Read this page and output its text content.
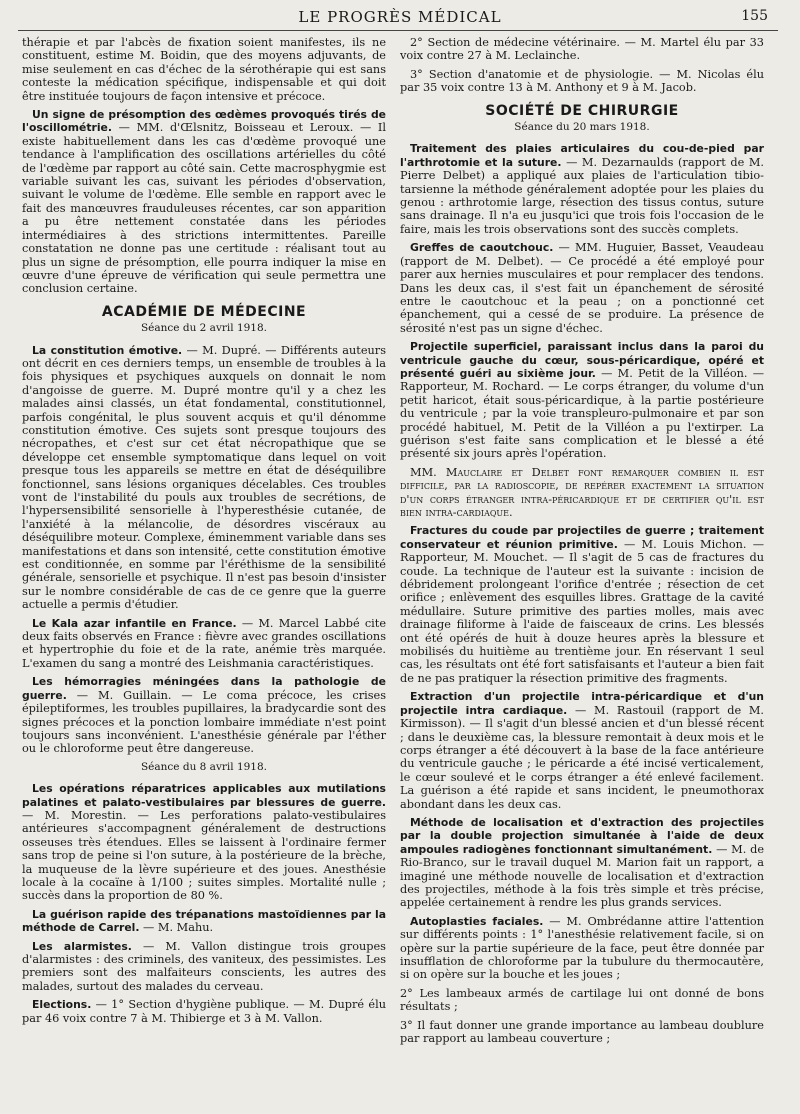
LE PROGRÈS MÉDICAL	155

thérapie et par l'abcès de fixation soient manifestes, ils ne constituent, estime M. Boidin, que des moyens adjuvants, de mise seulement en cas d'échec de la sérothérapie qui est sans conteste la médication spécifique, indispensable et qui doit être instituée toujours de façon intensive et précoce.

Un signe de présomption des œdèmes provoqués tirés de l'oscillométrie. — MM. d'Œlsnitz, Boisseau et Leroux. — Il existe habituellement dans les cas d'œdème provoqué une tendance à l'amplification des oscillations artérielles du côté de l'œdème par rapport au côté sain. Cette macrosphygmie est variable suivant les cas, suivant les périodes d'observation, suivant le volume de l'œdème. Elle semble en rapport avec le fait des manœuvres frauduleuses récentes, car son apparition a pu être nettement constatée dans les périodes intermédiaires à des strictions intermittentes. Pareille constatation ne donne pas une certitude : réalisant tout au plus un signe de présomption, elle pourra indiquer la mise en œuvre d'une épreuve de vérification qui seule permettra une conclusion certaine.

ACADÉMIE DE MÉDECINE
Séance du 2 avril 1918.

La constitution émotive. — M. Dupré. — Différents auteurs ont décrit en ces derniers temps, un ensemble de troubles à la fois physiques et psychiques auxquels on donnait le nom d'angoisse de guerre. M. Dupré montre qu'il y a chez les malades ainsi classés, un état fondamental, constitutionnel, parfois congénital, le plus souvent acquis et qu'il dénomme constitution émotive. Ces sujets sont presque toujours des nécropathes, et c'est sur cet état nécropathique que se développe cet ensemble symptomatique dans lequel on voit presque tous les appareils se mettre en état de déséquilibre fonctionnel, sans lésions organiques décelables. Ces troubles vont de l'instabilité du pouls aux troubles de secrétions, de l'hypersensibilité sensorielle à l'hyperesthésie cutanée, de l'anxiété à la mélancolie, de désordres viscéraux au déséquilibre moteur. Complexe, éminemment variable dans ses manifestations et dans son intensité, cette constitution émotive est conditionnée, en somme par l'éréthisme de la sensibilité générale, sensorielle et psychique. Il n'est pas besoin d'insister sur le nombre considérable de cas de ce genre que la guerre actuelle a permis d'étudier.

Le Kala azar infantile en France. — M. Marcel Labbé cite deux faits observés en France : fièvre avec grandes oscillations et hypertrophie du foie et de la rate, anémie très marquée. L'examen du sang a montré des Leishmania caractéristiques.

Les hémorragies méningées dans la pathologie de guerre. — M. Guillain. — Le coma précoce, les crises épileptiformes, les troubles pupillaires, la bradycardie sont des signes précoces et la ponction lombaire immédiate n'est point toujours sans inconvénient. L'anesthésie générale par l'éther ou le chloroforme peut être dangereuse.

Séance du 8 avril 1918.

Les opérations réparatrices applicables aux mutilations palatines et palato-vestibulaires par blessures de guerre. — M. Morestin. — Les perforations palato-vestibulaires antérieures s'accompagnent généralement de destructions osseuses très étendues. Elles se laissent à l'ordinaire fermer sans trop de peine si l'on suture, à la postérieure de la brèche, la muqueuse de la lèvre supérieure et des joues. Anesthésie locale à la cocaïne à 1/100 ; suites simples. Mortalité nulle ; succès dans la proportion de 80 %.

La guérison rapide des trépanations mastoïdiennes par la méthode de Carrel. — M. Mahu.

Les alarmistes. — M. Vallon distingue trois groupes d'alarmistes : des criminels, des vaniteux, des pessimistes. Les premiers sont des malfaiteurs conscients, les autres des malades, surtout des malades du cerveau.

Elections. — 1° Section d'hygiène publique. — M. Dupré élu par 46 voix contre 7 à M. Thibierge et 3 à M. Vallon.

2° Section de médecine vétérinaire. — M. Martel élu par 33 voix contre 27 à M. Leclainche.

3° Section d'anatomie et de physiologie. — M. Nicolas élu par 35 voix contre 13 à M. Anthony et 9 à M. Jacob.

SOCIÉTÉ DE CHIRURGIE
Séance du 20 mars 1918.

Traitement des plaies articulaires du cou-de-pied par l'arthrotomie et la suture. — M. Dezarnaulds (rapport de M. Pierre Delbet) a appliqué aux plaies de l'articulation tibio-tarsienne la méthode généralement adoptée pour les plaies du genou : arthrotomie large, résection des tissus contus, suture sans drainage. Il n'a eu jusqu'ici que trois fois l'occasion de le faire, mais les trois observations sont des succès complets.

Greffes de caoutchouc. — MM. Huguier, Basset, Veaudeau (rapport de M. Delbet). — Ce procédé a été employé pour parer aux hernies musculaires et pour remplacer des tendons. Dans les deux cas, il s'est fait un épanchement de sérosité entre le caoutchouc et la peau ; on a ponctionné cet épanchement, qui a cessé de se produire. La présence de sérosité n'est pas un signe d'échec.

Projectile superficiel, paraissant inclus dans la paroi du ventricule gauche du cœur, sous-péricardique, opéré et présenté guéri au sixième jour. — M. Petit de la Villéon. — Rapporteur, M. Rochard. — Le corps étranger, du volume d'un petit haricot, était sous-péricardique, à la partie postérieure du ventricule ; par la voie transpleuro-pulmonaire et par son procédé habituel, M. Petit de la Villéon a pu l'extirper. La guérison s'est faite sans complication et le blessé a été présenté six jours après l'opération.

MM. Mauclaire et Delbet font remarquer combien il est difficile, par la radioscopie, de repérer exactement la situation d'un corps étranger intra-péricardique et de certifier qu'il est bien intra-cardiaque.

Fractures du coude par projectiles de guerre ; traitement conservateur et réunion primitive. — M. Louis Michon. — Rapporteur, M. Mouchet. — Il s'agit de 5 cas de fractures du coude. La technique de l'auteur est la suivante : incision de débridement prolongeant l'orifice d'entrée ; résection de cet orifice ; enlèvement des esquilles libres. Grattage de la cavité médullaire. Suture primitive des parties molles, mais avec drainage filiforme à l'aide de faisceaux de crins. Les blessés ont été opérés de huit à douze heures après la blessure et mobilisés du huitième au trentième jour. En réservant 1 seul cas, les résultats ont été fort satisfaisants et l'auteur a bien fait de ne pas pratiquer la résection primitive des fragments.

Extraction d'un projectile intra-péricardique et d'un projectile intra cardiaque. — M. Rastouil (rapport de M. Kirmisson). — Il s'agit d'un blessé ancien et d'un blessé récent ; dans le deuxième cas, la blessure remontait à deux mois et le corps étranger a été découvert à la base de la face antérieure du ventricule gauche ; le péricarde a été incisé verticalement, le cœur soulevé et le corps étranger a été enlevé facilement. La guérison a été rapide et sans incident, le pneumothorax abondant dans les deux cas.

Méthode de localisation et d'extraction des projectiles par la double projection simultanée à l'aide de deux ampoules radiogènes fonctionnant simultanément. — M. de Rio-Branco, sur le travail duquel M. Marion fait un rapport, a imaginé une méthode nouvelle de localisation et d'extraction des projectiles, méthode à la fois très simple et très précise, appelée certainement à rendre les plus grands services.

Autoplasties faciales. — M. Ombrédanne attire l'attention sur différents points : 1° l'anesthésie relativement facile, si on opère sur la partie supérieure de la face, peut être donnée par insufflation de chloroforme par la tubulure du thermocautère, si on opère sur la bouche et les joues ;

2° Les lambeaux armés de cartilage lui ont donné de bons résultats ;

3° Il faut donner une grande importance au lambeau doublure par rapport au lambeau couverture ;
